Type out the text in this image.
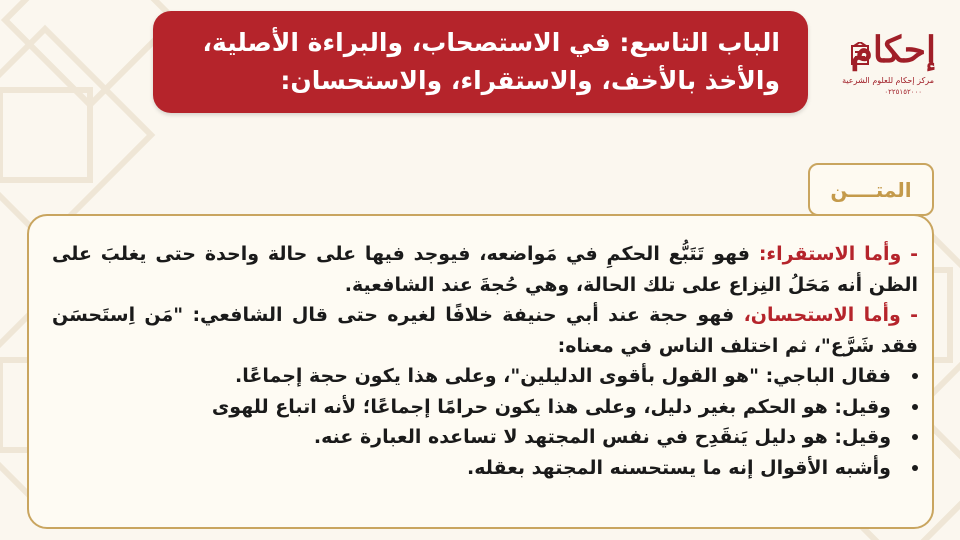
الباب التاسع: في الاستصحاب، والبراءة الأصلية،
والأخذ بالأخف، والاستقراء، والاستحسان:
إحكام
مركز إحكام للعلوم الشرعية
٠٢٢٥١٥٢٠٠٠
المتــــن

- وأما الاستقراء: فهو تَتَبُّع الحكمِ في مَواضعه، فيوجد فيها على حالة واحدة حتى يغلبَ على الظن أنه مَحَلُ النِزاع على تلك الحالة، وهي حُجةَ عند الشافعية.

- وأما الاستحسان، فهو حجة عند أبي حنيفة خلافًا لغيره حتى قال الشافعي: "مَن اِستَحسَن فقد شَرَّع"، ثم اختلف الناس في معناه:

فقال الباجي: "هو القول بأقوى الدليلين"، وعلى هذا يكون حجة إجماعًا.
وقيل: هو الحكم بغير دليل، وعلى هذا يكون حرامًا إجماعًا؛ لأنه اتباع للهوى
وقيل: هو دليل يَنقَدِح في نفس المجتهد لا تساعده العبارة عنه.
وأشبه الأقوال إنه ما يستحسنه المجتهد بعقله.
